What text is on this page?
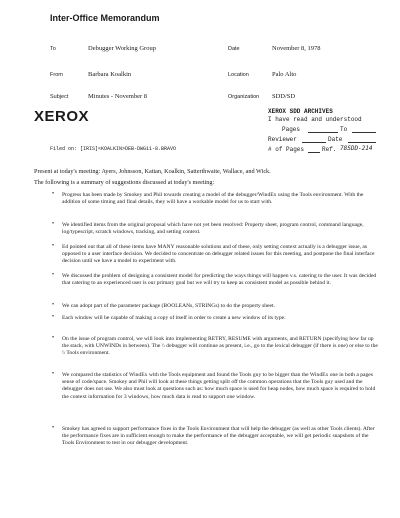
Inter-Office Memorandum
To	Debugger Working Group	Date	November 8, 1978
From	Barbara Koalkin	Location	Palo Alto
Subject	Minutes - November 8	Organization SDD/SD
XEROX	XEROX SDD ARCHIVES
I have read and understood
Pages	To
Reviewer	Date
# of Pages	Ref. 78SDD-214
Filed on: [IRIS]<KOALKIN>DEB-DWG11-8.BRAVO
Present at today's meeting: Ayers, Johnsson, Kattan, Koalkin, Satterthwaite, Wallace, and Wick.
The following is a summary of suggestions discussed at today's meeting:
• Progress has been made by Smokey and Phil towards creating a model of the debugger/WindEx using the Tools environment. With the addition of some timing and final details, they will have a workable model for us to start with.
• We identified items from the original proposal which have not yet been resolved: Property sheet, program control, command language, log/typescript, scratch windows, tracking, and setting context.
• Ed pointed out that all of these items have MANY reasonable solutions and of these, only setting context actually is a debugger issue, as opposed to a user interface decision. We decided to concentrate on debugger related issues for this meeting, and postpone the final interface decision until we have a model to experiment with.
• We discussed the problem of designing a consistent model for predicting the ways things will happen v.s. catering to the user. It was decided that catering to an experienced user is our primary goal but we will try to keep as consistent model as possible behind it.
• We can adopt part of the parameter package (BOOLEANs, STRINGs) to do the property sheet.
• Each window will be capable of making a copy of itself in order to create a new window of its type.
• On the issue of program control, we will look into implementing RETRY, RESUME with arguments, and RETURN (specifying how far up the stack, with UNWINDs in between). The \\ debugger will continue as present, i.e., go to the lexical debugger (if there is one) or else to the \\ Tools environment.
• We compared the statistics of WindEx with the Tools equipment and found the Tools guy to be bigger than the WindEx one in both a pages sense of code/space. Smokey and Phil will look at these things getting split off the common operations that the Tools guy used and the debugger does not use. We also must look at questions such as: how much space is used for heap nodes, how much space is required to hold the context information for 3 windows, how much data is read to support one window.
• Smokey has agreed to support performance fixes in the Tools Environment that will help the debugger (as well as other Tools clients). After the performance fixes are in sufficient enough to make the performance of the debugger acceptable, we will get periodic snapshots of the Tools Environment to test in our debugger development.
